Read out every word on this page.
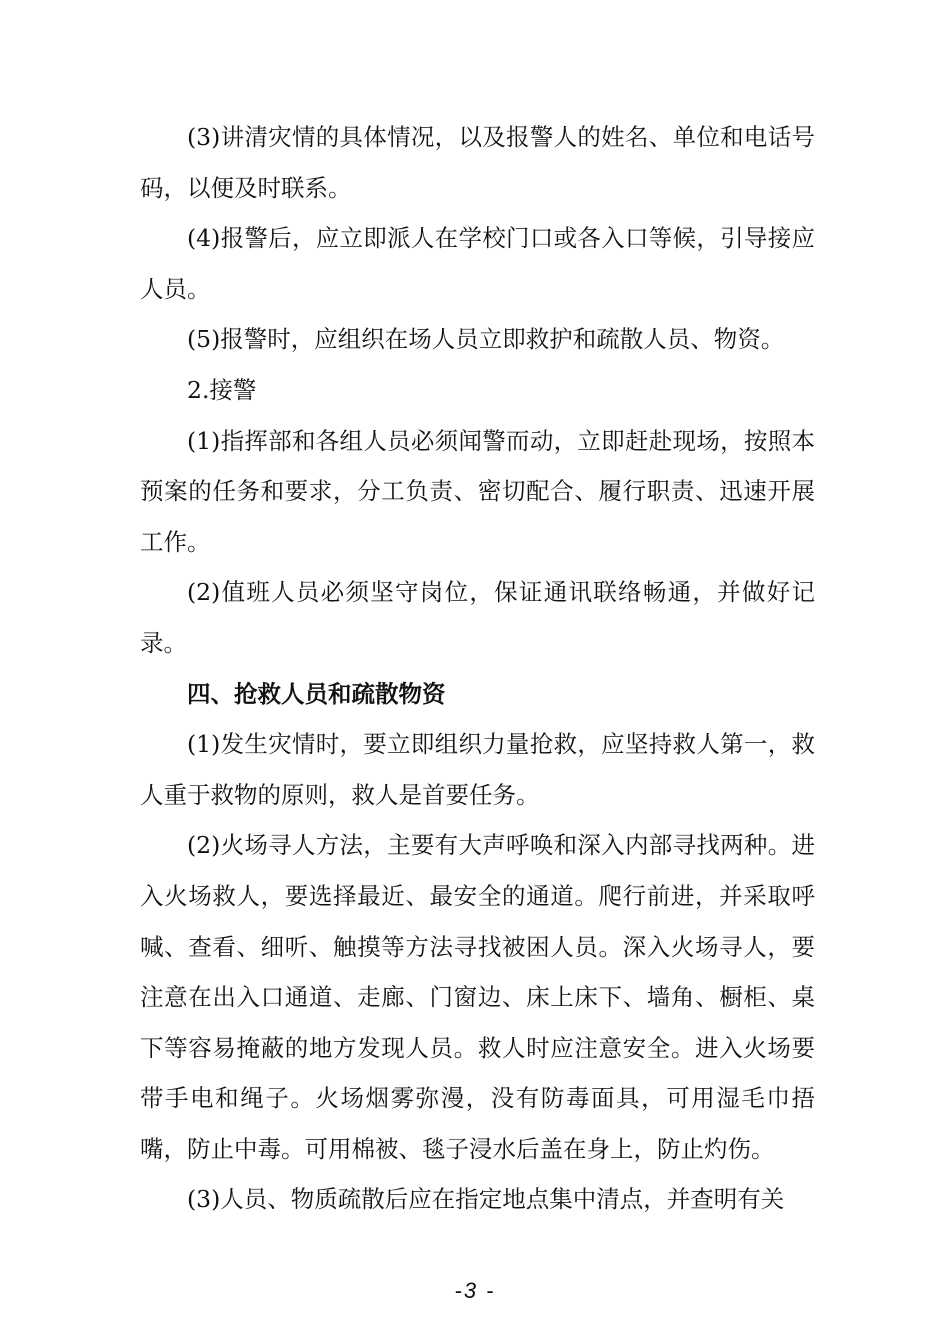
(3)讲清灾情的具体情况，以及报警人的姓名、单位和电话号码，以便及时联系。

(4)报警后，应立即派人在学校门口或各入口等候，引导接应人员。

(5)报警时，应组织在场人员立即救护和疏散人员、物资。

2.接警

(1)指挥部和各组人员必须闻警而动，立即赶赴现场，按照本预案的任务和要求，分工负责、密切配合、履行职责、迅速开展工作。

(2)值班人员必须坚守岗位，保证通讯联络畅通，并做好记录。

四、抢救人员和疏散物资

(1)发生灾情时，要立即组织力量抢救，应坚持救人第一，救人重于救物的原则，救人是首要任务。

(2)火场寻人方法，主要有大声呼唤和深入内部寻找两种。进入火场救人，要选择最近、最安全的通道。爬行前进，并采取呼喊、查看、细听、触摸等方法寻找被困人员。深入火场寻人，要注意在出入口通道、走廊、门窗边、床上床下、墙角、橱柜、桌下等容易掩蔽的地方发现人员。救人时应注意安全。进入火场要带手电和绳子。火场烟雾弥漫，没有防毒面具，可用湿毛巾捂嘴，防止中毒。可用棉被、毯子浸水后盖在身上，防止灼伤。

(3)人员、物质疏散后应在指定地点集中清点，并查明有关

-3 -
